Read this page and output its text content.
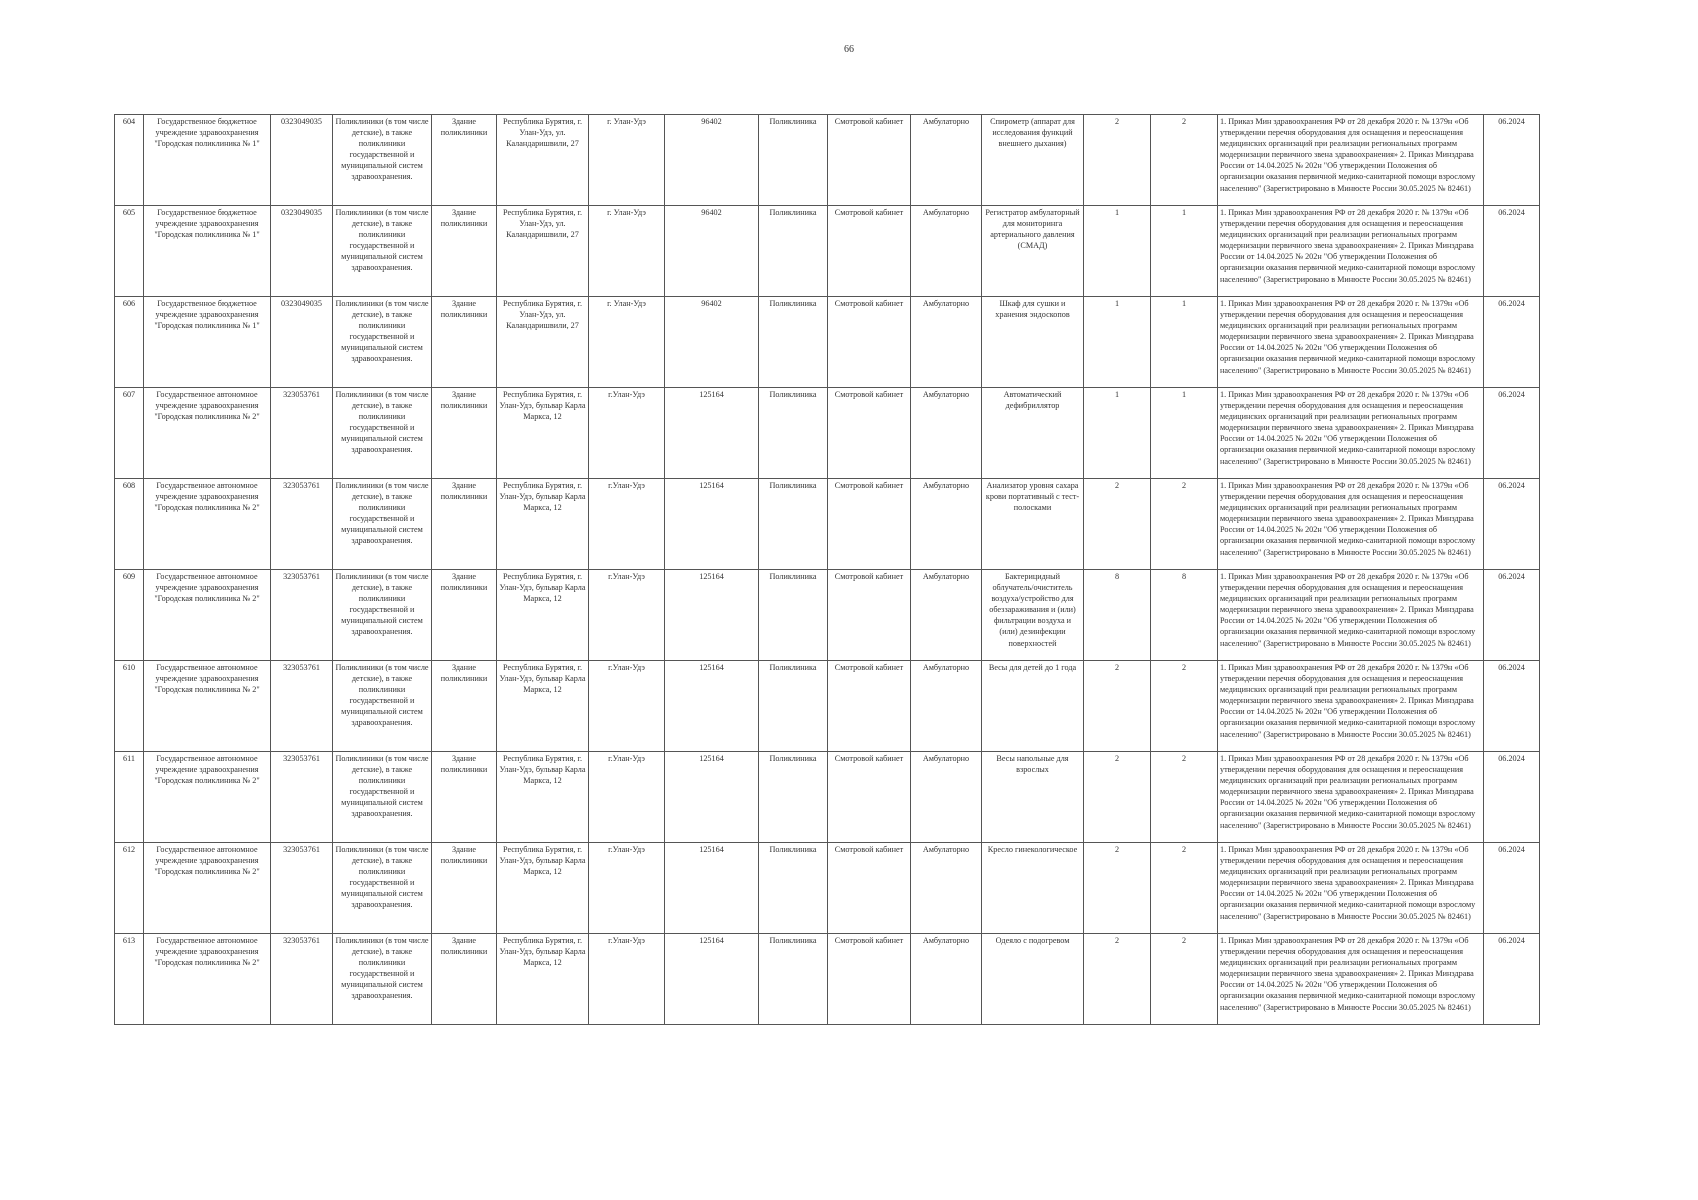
66
604	Государственное бюджетное учреждение здравоохранения "Городская поликлиника № 1"	0323049035	Поликлиники (в том числе детские), в также поликлиники государственной и муниципальной систем здравоохранения.	Здание поликлиники	Республика Бурятия, г. Улан-Удэ, ул. Каландаришвили, 27	г. Улан-Удэ	96402	Поликлиника	Смотровой кабинет	Амбулаторно	Спирометр (аппарат для исследования функций внешнего дыхания)	2	2	1. Приказ Мин здравоохранения РФ от 28 декабря 2020 г. № 1379н «Об утверждении перечня оборудования для оснащения и переоснащения медицинских организаций при реализации региональных программ модернизации первичного звена здравоохранения» 2. Приказ Минздрава России от 14.04.2025 № 202н "Об утверждении Положения об организации оказания первичной медико-санитарной помощи взрослому населению" (Зарегистрировано в Минюсте России 30.05.2025 № 82461)	06.2024
605	Государственное бюджетное учреждение здравоохранения "Городская поликлиника № 1"	0323049035	Поликлиники (в том числе детские), в также поликлиники государственной и муниципальной систем здравоохранения.	Здание поликлиники	Республика Бурятия, г. Улан-Удэ, ул. Каландаришвили, 27	г. Улан-Удэ	96402	Поликлиника	Смотровой кабинет	Амбулаторно	Регистратор амбулаторный для мониторинга артериального давления (СМАД)	1	1	1. Приказ Мин здравоохранения РФ от 28 декабря 2020 г. № 1379н «Об утверждении перечня оборудования для оснащения и переоснащения медицинских организаций при реализации региональных программ модернизации первичного звена здравоохранения» 2. Приказ Минздрава России от 14.04.2025 № 202н "Об утверждении Положения об организации оказания первичной медико-санитарной помощи взрослому населению" (Зарегистрировано в Минюсте России 30.05.2025 № 82461)	06.2024
606	Государственное бюджетное учреждение здравоохранения "Городская поликлиника № 1"	0323049035	Поликлиники (в том числе детские), в также поликлиники государственной и муниципальной систем здравоохранения.	Здание поликлиники	Республика Бурятия, г. Улан-Удэ, ул. Каландаришвили, 27	г. Улан-Удэ	96402	Поликлиника	Смотровой кабинет	Амбулаторно	Шкаф для сушки и хранения эндоскопов	1	1	1. Приказ Мин здравоохранения РФ от 28 декабря 2020 г. № 1379н «Об утверждении перечня оборудования для оснащения и переоснащения медицинских организаций при реализации региональных программ модернизации первичного звена здравоохранения» 2. Приказ Минздрава России от 14.04.2025 № 202н "Об утверждении Положения об организации оказания первичной медико-санитарной помощи взрослому населению" (Зарегистрировано в Минюсте России 30.05.2025 № 82461)	06.2024
607	Государственное автономное учреждение здравоохранения "Городская поликлиника № 2"	323053761	Поликлиники (в том числе детские), в также поликлиники государственной и муниципальной систем здравоохранения.	Здание поликлиники	Республика Бурятия, г. Улан-Удэ, бульвар Карла Маркса, 12	г.Улан-Удэ	125164	Поликлиника	Смотровой кабинет	Амбулаторно	Автоматический дефибриллятор	1	1	1. Приказ Мин здравоохранения РФ от 28 декабря 2020 г. № 1379н «Об утверждении перечня оборудования для оснащения и переоснащения медицинских организаций при реализации региональных программ модернизации первичного звена здравоохранения» 2. Приказ Минздрава России от 14.04.2025 № 202н "Об утверждении Положения об организации оказания первичной медико-санитарной помощи взрослому населению" (Зарегистрировано в Минюсте России 30.05.2025 № 82461)	06.2024
608	Государственное автономное учреждение здравоохранения "Городская поликлиника № 2"	323053761	Поликлиники (в том числе детские), в также поликлиники государственной и муниципальной систем здравоохранения.	Здание поликлиники	Республика Бурятия, г. Улан-Удэ, бульвар Карла Маркса, 12	г.Улан-Удэ	125164	Поликлиника	Смотровой кабинет	Амбулаторно	Анализатор уровня сахара крови портативный с тест-полосками	2	2	1. Приказ Мин здравоохранения РФ от 28 декабря 2020 г. № 1379н «Об утверждении перечня оборудования для оснащения и переоснащения медицинских организаций при реализации региональных программ модернизации первичного звена здравоохранения» 2. Приказ Минздрава России от 14.04.2025 № 202н "Об утверждении Положения об организации оказания первичной медико-санитарной помощи взрослому населению" (Зарегистрировано в Минюсте России 30.05.2025 № 82461)	06.2024
609	Государственное автономное учреждение здравоохранения "Городская поликлиника № 2"	323053761	Поликлиники (в том числе детские), в также поликлиники государственной и муниципальной систем здравоохранения.	Здание поликлиники	Республика Бурятия, г. Улан-Удэ, бульвар Карла Маркса, 12	г.Улан-Удэ	125164	Поликлиника	Смотровой кабинет	Амбулаторно	Бактерицидный облучатель/очиститель воздуха/устройство для обеззараживания и (или) фильтрации воздуха и (или) дезинфекции поверхностей	8	8	1. Приказ Мин здравоохранения РФ от 28 декабря 2020 г. № 1379н «Об утверждении перечня оборудования для оснащения и переоснащения медицинских организаций при реализации региональных программ модернизации первичного звена здравоохранения» 2. Приказ Минздрава России от 14.04.2025 № 202н "Об утверждении Положения об организации оказания первичной медико-санитарной помощи взрослому населению" (Зарегистрировано в Минюсте России 30.05.2025 № 82461)	06.2024
610	Государственное автономное учреждение здравоохранения "Городская поликлиника № 2"	323053761	Поликлиники (в том числе детские), в также поликлиники государственной и муниципальной систем здравоохранения.	Здание поликлиники	Республика Бурятия, г. Улан-Удэ, бульвар Карла Маркса, 12	г.Улан-Удэ	125164	Поликлиника	Смотровой кабинет	Амбулаторно	Весы для детей до 1 года	2	2	1. Приказ Мин здравоохранения РФ от 28 декабря 2020 г. № 1379н «Об утверждении перечня оборудования для оснащения и переоснащения медицинских организаций при реализации региональных программ модернизации первичного звена здравоохранения» 2. Приказ Минздрава России от 14.04.2025 № 202н "Об утверждении Положения об организации оказания первичной медико-санитарной помощи взрослому населению" (Зарегистрировано в Минюсте России 30.05.2025 № 82461)	06.2024
611	Государственное автономное учреждение здравоохранения "Городская поликлиника № 2"	323053761	Поликлиники (в том числе детские), в также поликлиники государственной и муниципальной систем здравоохранения.	Здание поликлиники	Республика Бурятия, г. Улан-Удэ, бульвар Карла Маркса, 12	г.Улан-Удэ	125164	Поликлиника	Смотровой кабинет	Амбулаторно	Весы напольные для взрослых	2	2	1. Приказ Мин здравоохранения РФ от 28 декабря 2020 г. № 1379н «Об утверждении перечня оборудования для оснащения и переоснащения медицинских организаций при реализации региональных программ модернизации первичного звена здравоохранения» 2. Приказ Минздрава России от 14.04.2025 № 202н "Об утверждении Положения об организации оказания первичной медико-санитарной помощи взрослому населению" (Зарегистрировано в Минюсте России 30.05.2025 № 82461)	06.2024
612	Государственное автономное учреждение здравоохранения "Городская поликлиника № 2"	323053761	Поликлиники (в том числе детские), в также поликлиники государственной и муниципальной систем здравоохранения.	Здание поликлиники	Республика Бурятия, г. Улан-Удэ, бульвар Карла Маркса, 12	г.Улан-Удэ	125164	Поликлиника	Смотровой кабинет	Амбулаторно	Кресло гинекологическое	2	2	1. Приказ Мин здравоохранения РФ от 28 декабря 2020 г. № 1379н «Об утверждении перечня оборудования для оснащения и переоснащения медицинских организаций при реализации региональных программ модернизации первичного звена здравоохранения» 2. Приказ Минздрава России от 14.04.2025 № 202н "Об утверждении Положения об организации оказания первичной медико-санитарной помощи взрослому населению" (Зарегистрировано в Минюсте России 30.05.2025 № 82461)	06.2024
613	Государственное автономное учреждение здравоохранения "Городская поликлиника № 2"	323053761	Поликлиники (в том числе детские), в также поликлиники государственной и муниципальной систем здравоохранения.	Здание поликлиники	Республика Бурятия, г. Улан-Удэ, бульвар Карла Маркса, 12	г.Улан-Удэ	125164	Поликлиника	Смотровой кабинет	Амбулаторно	Одеяло с подогревом	2	2	1. Приказ Мин здравоохранения РФ от 28 декабря 2020 г. № 1379н «Об утверждении перечня оборудования для оснащения и переоснащения медицинских организаций при реализации региональных программ модернизации первичного звена здравоохранения» 2. Приказ Минздрава России от 14.04.2025 № 202н "Об утверждении Положения об организации оказания первичной медико-санитарной помощи взрослому населению" (Зарегистрировано в Минюсте России 30.05.2025 № 82461)	06.2024
